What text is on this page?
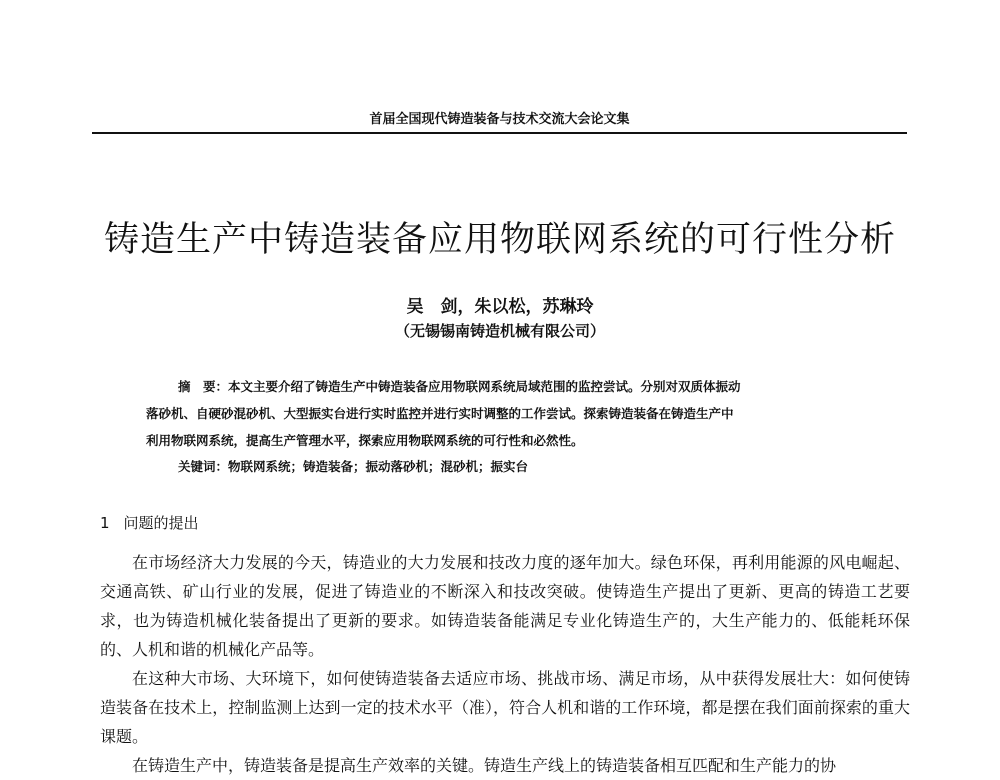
首届全国现代铸造装备与技术交流大会论文集
铸造生产中铸造装备应用物联网系统的可行性分析
吴　剑，朱以松，苏琳玲
（无锡锡南铸造机械有限公司）

摘　要：本文主要介绍了铸造生产中铸造装备应用物联网系统局域范围的监控尝试。分别对双质体振动

落砂机、自硬砂混砂机、大型振实台进行实时监控并进行实时调整的工作尝试。探索铸造装备在铸造生产中

利用物联网系统，提高生产管理水平，探索应用物联网系统的可行性和必然性。

关键词：物联网系统；铸造装备；振动落砂机；混砂机；振实台
1 问题的提出

在市场经济大力发展的今天，铸造业的大力发展和技改力度的逐年加大。绿色环保，再利用能源的风电崛起、交通高铁、矿山行业的发展，促进了铸造业的不断深入和技改突破。使铸造生产提出了更新、更高的铸造工艺要求，也为铸造机械化装备提出了更新的要求。如铸造装备能满足专业化铸造生产的，大生产能力的、低能耗环保的、人机和谐的机械化产品等。

在这种大市场、大环境下，如何使铸造装备去适应市场、挑战市场、满足市场，从中获得发展壮大：如何使铸造装备在技术上，控制监测上达到一定的技术水平（准），符合人机和谐的工作环境，都是摆在我们面前探索的重大课题。

在铸造生产中，铸造装备是提高生产效率的关键。铸造生产线上的铸造装备相互匹配和生产能力的协
